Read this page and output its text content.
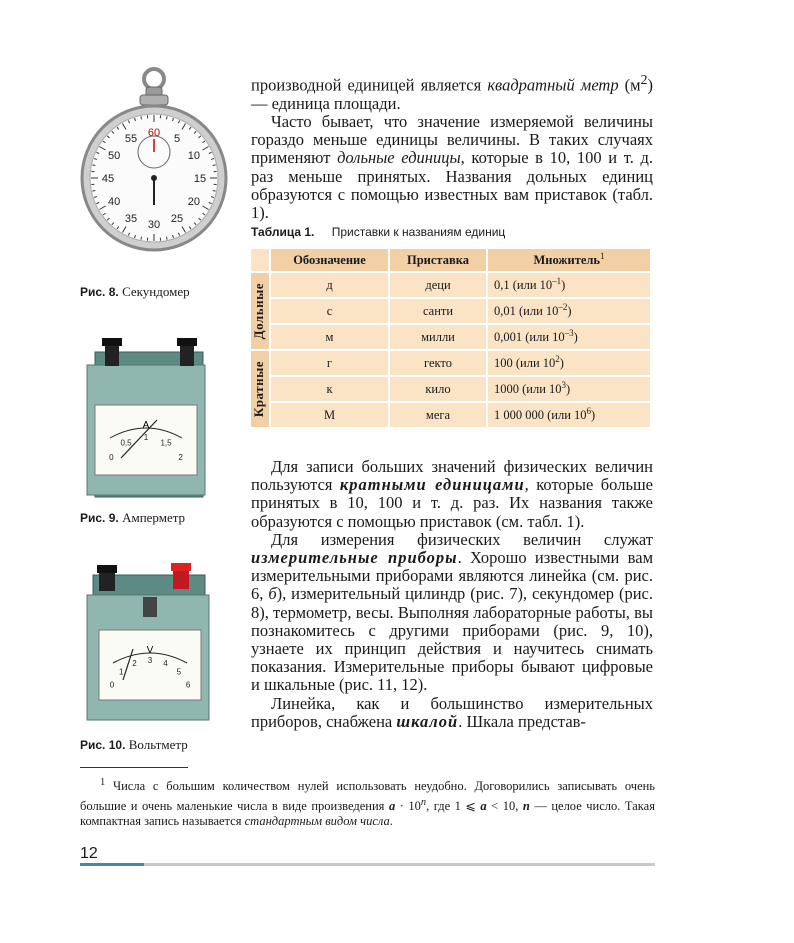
60
5
10
15
20
25
30
35
40
45
50
55
Рис. 8. Секундомер
А
0
0,5
1
1,5
2
Рис. 9. Амперметр
V
0
1
2 3 4
5
6
Рис. 10. Вольтметр

производной единицей является квадратный метр $(м^2)$ — единица площади.

Часто бывает, что значение измеряемой величины гораздо меньше единицы величины. В таких случаях применяют дольные единицы, которые в 10, 100 и т. д. раз меньше принятых. Названия дольных единиц образуются с помощью известных вам приставок (табл. 1).

Таблица 1. Приставки к названиям единиц
	Обозначение	Приставка	Множитель$^1$

Дольные	д	деци	0,1 (или $10^{-1}$)
	с	санти	0,01 (или $10^{-2}$)
	м	милли	0,001 (или $10^{-3}$)

Кратные	г	гекто	100 (или $10^2$)
	к	кило	1000 (или $10^3$)
	М	мега	1 000 000 (или $10^6$)

Для записи больших значений физических величин пользуются кратными единицами, которые больше принятых в 10, 100 и т. д. раз. Их названия также образуются с помощью приставок (см. табл. 1).

Для измерения физических величин служат измерительные приборы. Хорошо известными вам измерительными приборами являются линейка (см. рис. 6, б), измерительный цилиндр (рис. 7), секундомер (рис. 8), термометр, весы. Выполняя лабораторные работы, вы познакомитесь с другими приборами (рис. 9, 10), узнаете их принцип действия и научитесь снимать показания. Измерительные приборы бывают цифровые и шкальные (рис. 11, 12).

Линейка, как и большинство измерительных приборов, снабжена шкалой. Шкала представ-

$^1$ Числа с большим количеством нулей использовать неудобно. Договорились записывать очень большие и очень маленькие числа в виде произведения $a \cdot 10^n$, где 1 ⩽ a < 10, n — целое число. Такая компактная запись называется стандартным видом числа.
12
